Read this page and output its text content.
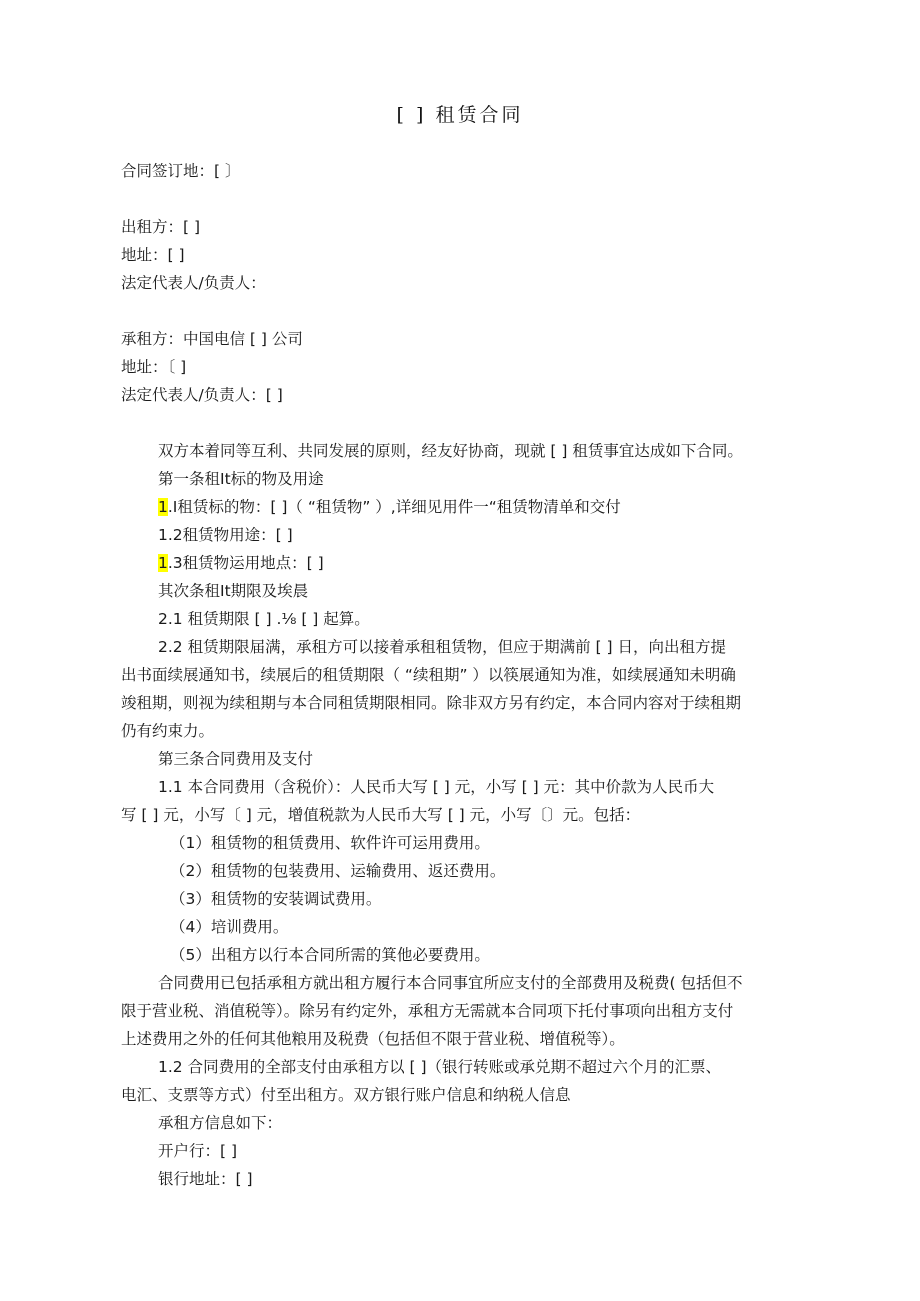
[ ] 租赁合同
合同签订地：[ 〕
出租方：[ ]
地址：[ ]
法定代表人/负责人：
承租方：中国电信 [ ] 公司
地址：〔 ]
法定代表人/负责人：[ ]
双方本着同等互利、共同发展的原则，经友好协商，现就 [ ] 租赁事宜达成如下合同。
第一条租It标的物及用途
1.I租赁标的物：[ ]（ “租赁物” ）,详细见用件一“租赁物清单和交付
1.2租赁物用途：[ ]
1.3租赁物运用地点：[ ]
其次条租It期限及埃晨
2.1 租赁期限 [ ] .⅛ [ ] 起算。
2.2 租赁期限届满，承租方可以接着承租租赁物，但应于期满前 [ ] 日，向出租方提
出书面续展通知书，续展后的租赁期限（ “续租期” ）以筷展通知为准，如续展通知未明确
竣租期，则视为续租期与本合同租赁期限相同。除非双方另有约定，本合同内容对于续租期
仍有约束力。
第三条合同费用及支付
1.1 本合同费用（含税价）：人民币大写 [ ] 元，小写 [ ] 元：其中价款为人民币大
写 [ ] 元，小写〔 ] 元，增值税款为人民币大写 [ ] 元，小写〔〕元。包括：
（1）租赁物的租赁费用、软件许可运用费用。
（2）租赁物的包装费用、运输费用、返还费用。
（3）租赁物的安装调试费用。
（4）培训费用。
（5）出租方以行本合同所需的箕他必要费用。
合同费用已包括承租方就出租方履行本合同事宜所应支付的全部费用及税费( 包括但不
限于营业税、消值税等）。除另有约定外，承租方无需就本合同项下托付事项向出租方支付
上述费用之外的任何其他粮用及税费（包括但不限于营业税、增值税等）。
1.2 合同费用的全部支付由承租方以 [ ]（银行转账或承兑期不超过六个月的汇票、
电汇、支票等方式）付至出租方。双方银行账户信息和纳税人信息
承租方信息如下：
开户行：[ ]
银行地址：[ ]
